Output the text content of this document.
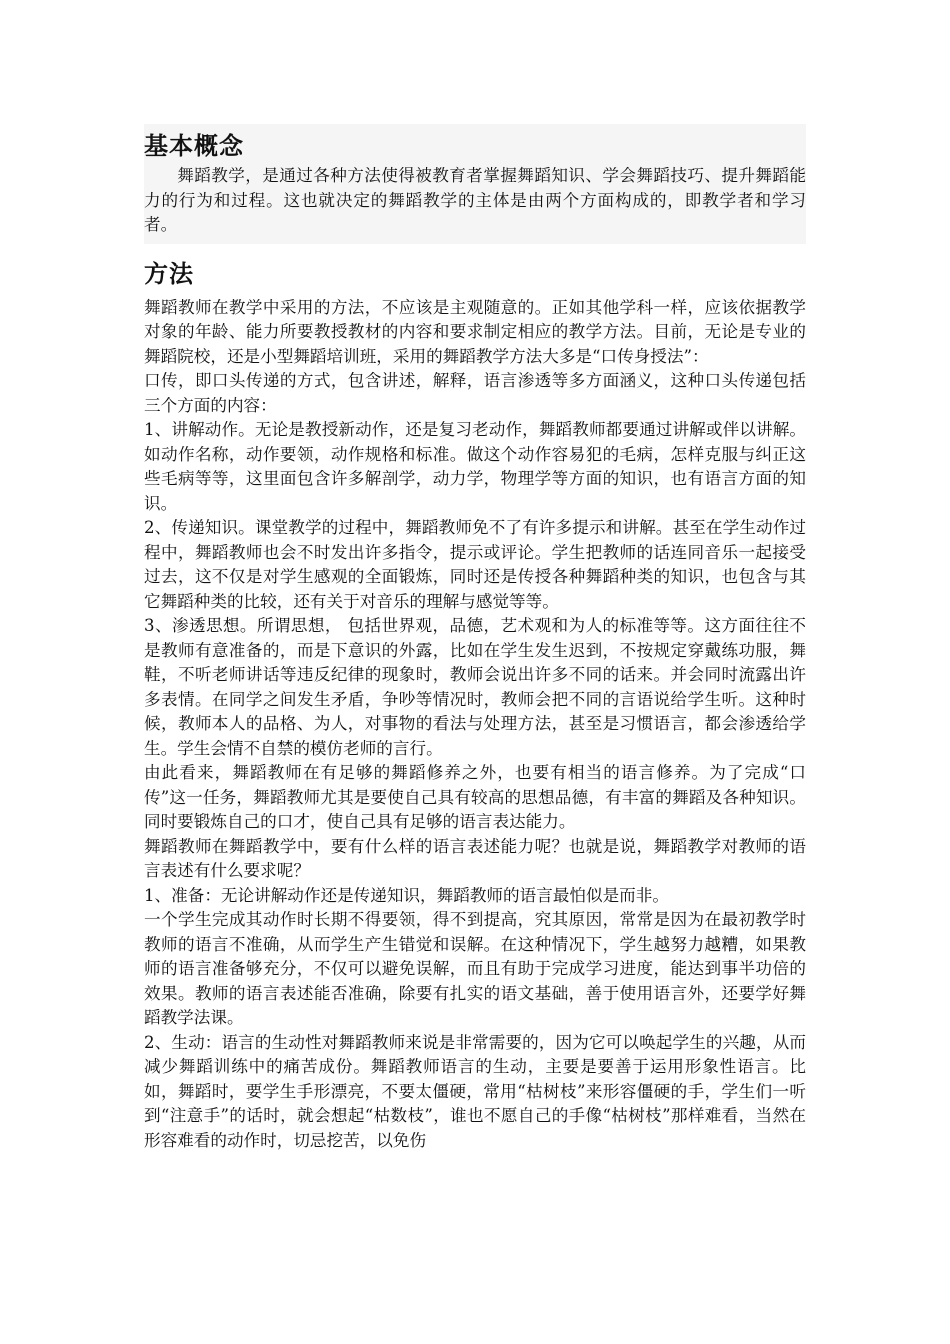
基本概念

舞蹈教学，是通过各种方法使得被教育者掌握舞蹈知识、学会舞蹈技巧、提升舞蹈能力的行为和过程。这也就决定的舞蹈教学的主体是由两个方面构成的，即教学者和学习者。

方法

舞蹈教师在教学中采用的方法，不应该是主观随意的。正如其他学科一样，应该依据教学对象的年龄、能力所要教授教材的内容和要求制定相应的教学方法。目前，无论是专业的舞蹈院校，还是小型舞蹈培训班，采用的舞蹈教学方法大多是“口传身授法”：

口传，即口头传递的方式，包含讲述，解释，语言渗透等多方面涵义，这种口头传递包括三个方面的内容：

1、讲解动作。无论是教授新动作，还是复习老动作，舞蹈教师都要通过讲解或伴以讲解。如动作名称，动作要领，动作规格和标准。做这个动作容易犯的毛病，怎样克服与纠正这些毛病等等，这里面包含许多解剖学，动力学，物理学等方面的知识，也有语言方面的知识。

2、传递知识。课堂教学的过程中，舞蹈教师免不了有许多提示和讲解。甚至在学生动作过程中，舞蹈教师也会不时发出许多指令，提示或评论。学生把教师的话连同音乐一起接受过去，这不仅是对学生感观的全面锻炼，同时还是传授各种舞蹈种类的知识，也包含与其它舞蹈种类的比较，还有关于对音乐的理解与感觉等等。

3、渗透思想。所谓思想， 包括世界观，品德，艺术观和为人的标准等等。这方面往往不是教师有意准备的，而是下意识的外露，比如在学生发生迟到，不按规定穿戴练功服，舞鞋，不听老师讲话等违反纪律的现象时，教师会说出许多不同的话来。并会同时流露出许多表情。在同学之间发生矛盾，争吵等情况时，教师会把不同的言语说给学生听。这种时候，教师本人的品格、为人，对事物的看法与处理方法，甚至是习惯语言，都会渗透给学生。学生会情不自禁的模仿老师的言行。

由此看来，舞蹈教师在有足够的舞蹈修养之外，也要有相当的语言修养。为了完成“口传”这一任务，舞蹈教师尤其是要使自己具有较高的思想品德，有丰富的舞蹈及各种知识。同时要锻炼自己的口才，使自己具有足够的语言表达能力。

舞蹈教师在舞蹈教学中，要有什么样的语言表述能力呢？也就是说，舞蹈教学对教师的语言表述有什么要求呢？

1、准备：无论讲解动作还是传递知识，舞蹈教师的语言最怕似是而非。

一个学生完成其动作时长期不得要领，得不到提高，究其原因，常常是因为在最初教学时教师的语言不准确，从而学生产生错觉和误解。在这种情况下，学生越努力越糟，如果教师的语言准备够充分，不仅可以避免误解，而且有助于完成学习进度，能达到事半功倍的效果。教师的语言表述能否准确，除要有扎实的语文基础，善于使用语言外，还要学好舞蹈教学法课。

2、生动：语言的生动性对舞蹈教师来说是非常需要的，因为它可以唤起学生的兴趣，从而减少舞蹈训练中的痛苦成份。舞蹈教师语言的生动，主要是要善于运用形象性语言。比如，舞蹈时，要学生手形漂亮，不要太僵硬，常用“枯树枝”来形容僵硬的手，学生们一听到“注意手”的话时，就会想起“枯数枝”，谁也不愿自己的手像“枯树枝”那样难看，当然在形容难看的动作时，切忌挖苦，以免伤
